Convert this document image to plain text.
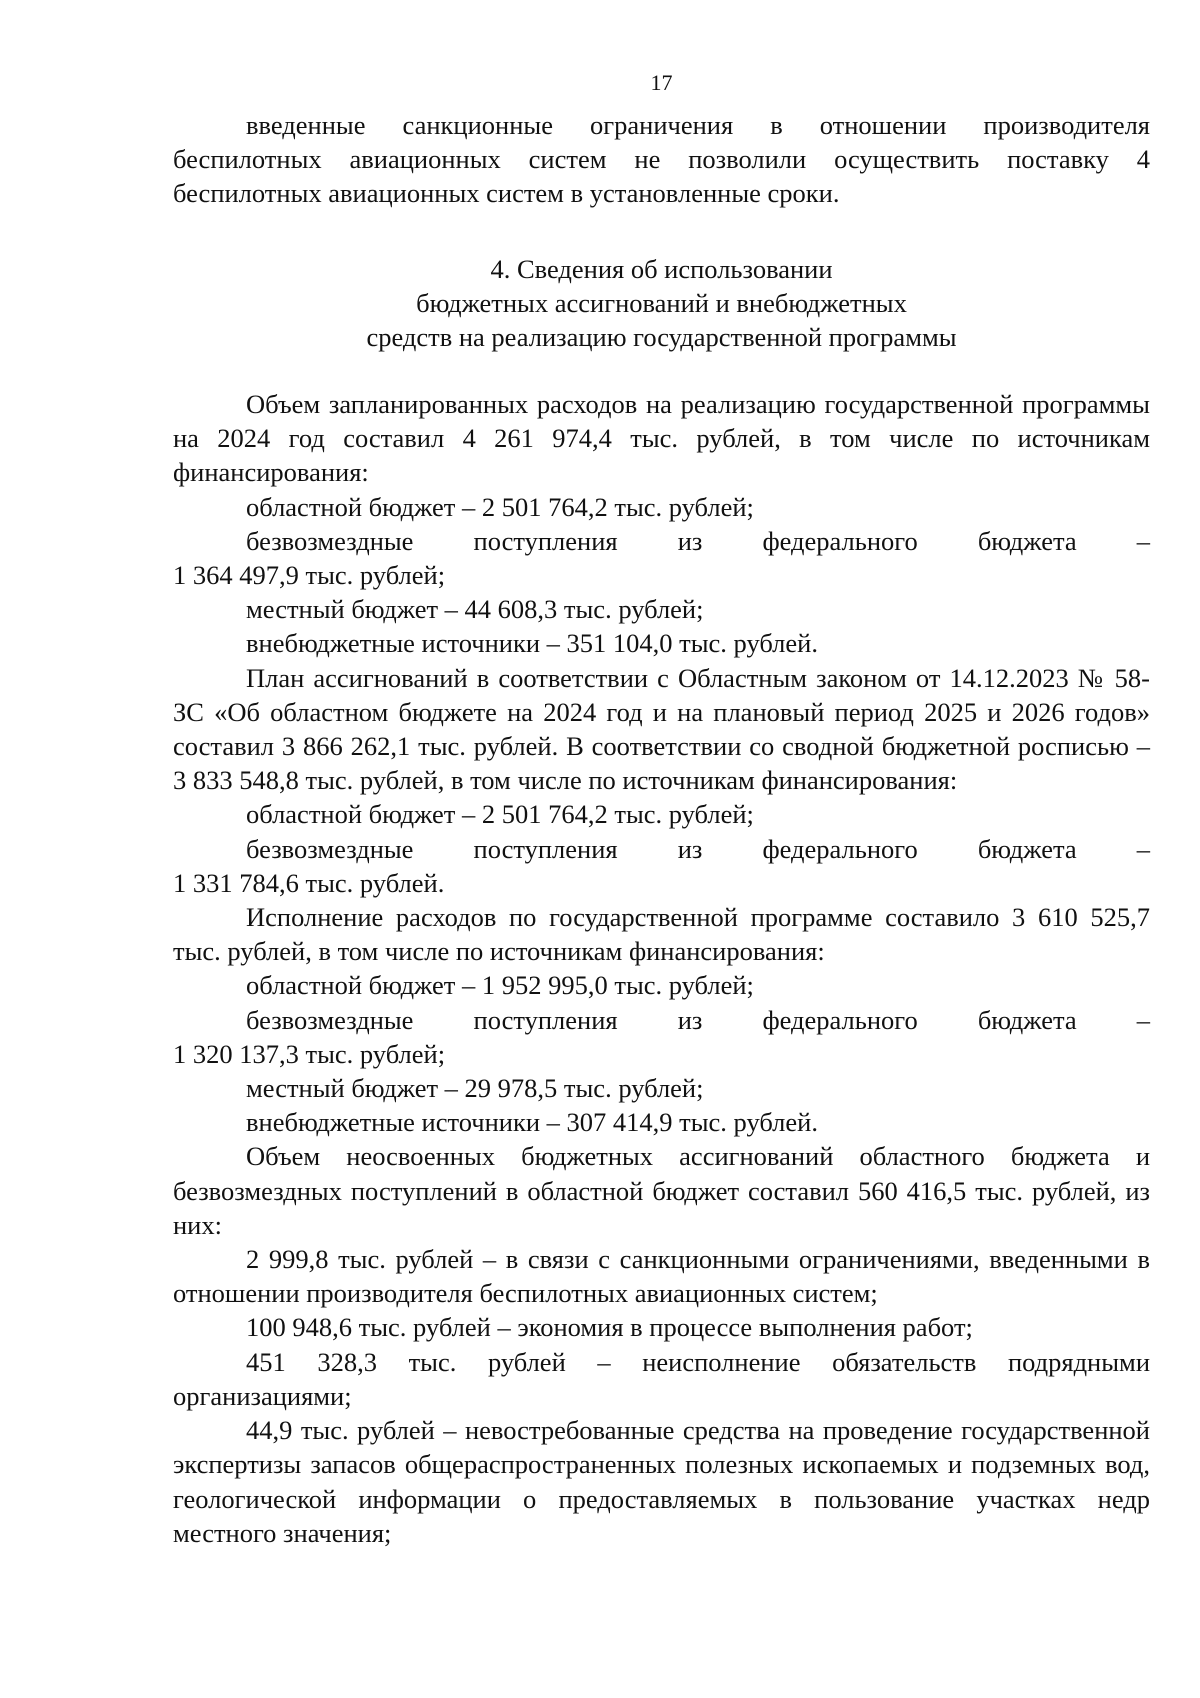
17

введенные санкционные ограничения в отношении производителя беспилотных авиационных систем не позволили осуществить поставку 4 беспилотных авиационных систем в установленные сроки.

4. Сведения об использовании
бюджетных ассигнований и внебюджетных
средств на реализацию государственной программы

Объем запланированных расходов на реализацию государственной программы на 2024 год составил 4 261 974,4 тыс. рублей, в том числе по источникам финансирования:

областной бюджет – 2 501 764,2 тыс. рублей;

безвозмездные поступления из федерального бюджета –

1 364 497,9 тыс. рублей;

местный бюджет – 44 608,3 тыс. рублей;

внебюджетные источники – 351 104,0 тыс. рублей.

План ассигнований в соответствии с Областным законом от 14.12.2023 № 58-ЗС «Об областном бюджете на 2024 год и на плановый период 2025 и 2026 годов» составил 3 866 262,1 тыс. рублей. В соответствии со сводной бюджетной росписью – 3 833 548,8 тыс. рублей, в том числе по источникам финансирования:

областной бюджет – 2 501 764,2 тыс. рублей;

безвозмездные поступления из федерального бюджета –

1 331 784,6 тыс. рублей.

Исполнение расходов по государственной программе составило 3 610 525,7 тыс. рублей, в том числе по источникам финансирования:

областной бюджет – 1 952 995,0 тыс. рублей;

безвозмездные поступления из федерального бюджета –

1 320 137,3 тыс. рублей;

местный бюджет – 29 978,5 тыс. рублей;

внебюджетные источники – 307 414,9 тыс. рублей.

Объем неосвоенных бюджетных ассигнований областного бюджета и безвозмездных поступлений в областной бюджет составил 560 416,5 тыс. рублей, из них:

2 999,8 тыс. рублей – в связи с санкционными ограничениями, введенными в отношении производителя беспилотных авиационных систем;

100 948,6 тыс. рублей – экономия в процессе выполнения работ;

451 328,3 тыс. рублей – неисполнение обязательств подрядными организациями;

44,9 тыс. рублей – невостребованные средства на проведение государственной экспертизы запасов общераспространенных полезных ископаемых и подземных вод, геологической информации о предоставляемых в пользование участках недр местного значения;
